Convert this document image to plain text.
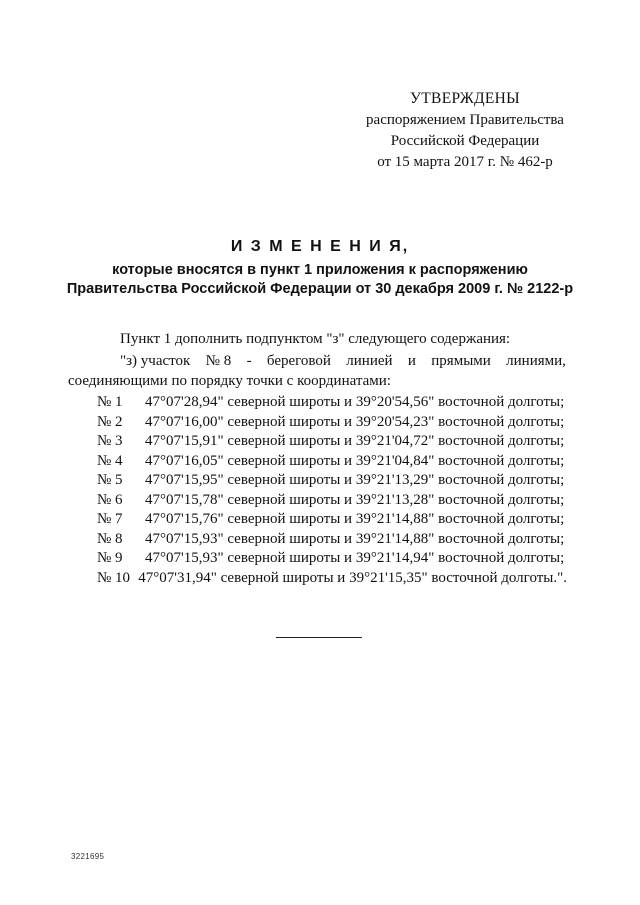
УТВЕРЖДЕНЫ
распоряжением Правительства
Российской Федерации
от 15 марта 2017 г. № 462-р
И З М Е Н Е Н И Я,
которые вносятся в пункт 1 приложения к распоряжению
Правительства Российской Федерации от 30 декабря 2009 г. № 2122-р
Пункт 1 дополнить подпунктом "з" следующего содержания:
"з) участок № 8 - береговой линией и прямыми линиями,
соединяющими по порядку точки с координатами:
№ 1	47°07'28,94" северной широты и 39°20'54,56" восточной долготы;
№ 2	47°07'16,00" северной широты и 39°20'54,23" восточной долготы;
№ 3	47°07'15,91" северной широты и 39°21'04,72" восточной долготы;
№ 4	47°07'16,05" северной широты и 39°21'04,84" восточной долготы;
№ 5	47°07'15,95" северной широты и 39°21'13,29" восточной долготы;
№ 6	47°07'15,78" северной широты и 39°21'13,28" восточной долготы;
№ 7	47°07'15,76" северной широты и 39°21'14,88" восточной долготы;
№ 8	47°07'15,93" северной широты и 39°21'14,88" восточной долготы;
№ 9	47°07'15,93" северной широты и 39°21'14,94" восточной долготы;
№ 10 47°07'31,94" северной широты и 39°21'15,35" восточной долготы.".
3221695
